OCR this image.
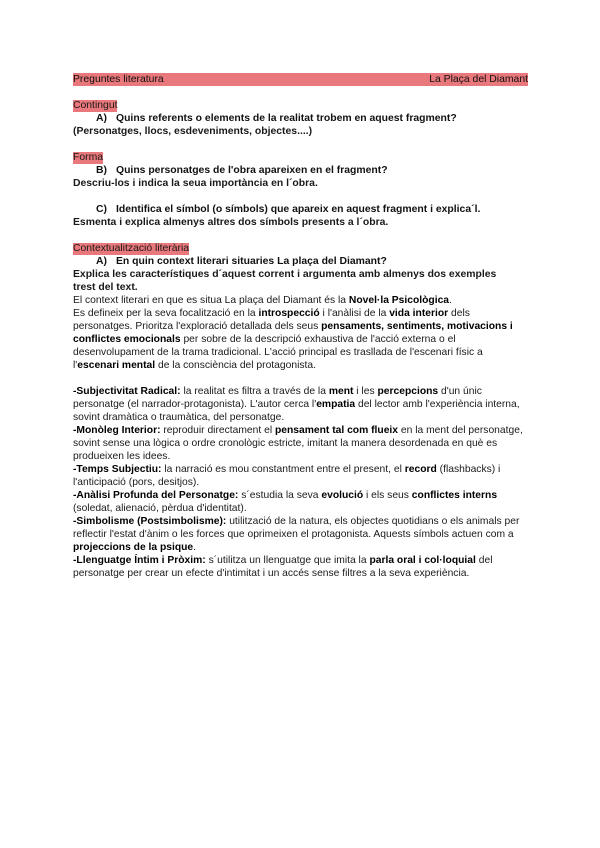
Preguntes literatura	La Plaça del Diamant
Contingut
A) Quins referents o elements de la realitat trobem en aquest fragment?
(Personatges, llocs, esdeveniments, objectes....)
Forma
B) Quins personatges de l'obra apareixen en el fragment?
Descriu-los i indica la seua importància en l´obra.
C) Identifica el símbol (o símbols) que apareix en aquest fragment i explica´l.
Esmenta i explica almenys altres dos símbols presents a l´obra.
Contextualització literària
A) En quin context literari situaries La plaça del Diamant?
Explica les característiques d´aquest corrent i argumenta amb almenys dos exemples
trest del text.

El context literari en que es situa La plaça del Diamant és la Novel·la Psicològica.

Es defineix per la seva focalització en la introspecció i l'anàlisi de la vida interior dels personatges. Prioritza l'exploració detallada dels seus pensaments, sentiments, motivacions i conflictes emocionals per sobre de la descripció exhaustiva de l'acció externa o el desenvolupament de la trama tradicional. L'acció principal es trasllada de l'escenari físic a l'escenari mental de la consciència del protagonista.

-Subjectivitat Radical: la realitat es filtra a través de la ment i les percepcions d'un únic personatge (el narrador-protagonista). L'autor cerca l'empatia del lector amb l'experiència interna, sovint dramàtica o traumàtica, del personatge.

-Monòleg Interior: reproduir directament el pensament tal com flueix en la ment del personatge, sovint sense una lògica o ordre cronològic estricte, imitant la manera desordenada en què es produeixen les idees.

-Temps Subjectiu: la narració es mou constantment entre el present, el record (flashbacks) i l'anticipació (pors, desitjos).

-Anàlisi Profunda del Personatge: s´estudia la seva evolució i els seus conflictes interns (soledat, alienació, pèrdua d'identitat).

-Simbolisme (Postsimbolisme): utilització de la natura, els objectes quotidians o els animals per reflectir l'estat d'ànim o les forces que oprimeixen el protagonista. Aquests símbols actuen com a projeccions de la psique.

-Llenguatge Íntim i Pròxim: s´utilitza un llenguatge que imita la parla oral i col·loquial del personatge per crear un efecte d'intimitat i un accés sense filtres a la seva experiència.
